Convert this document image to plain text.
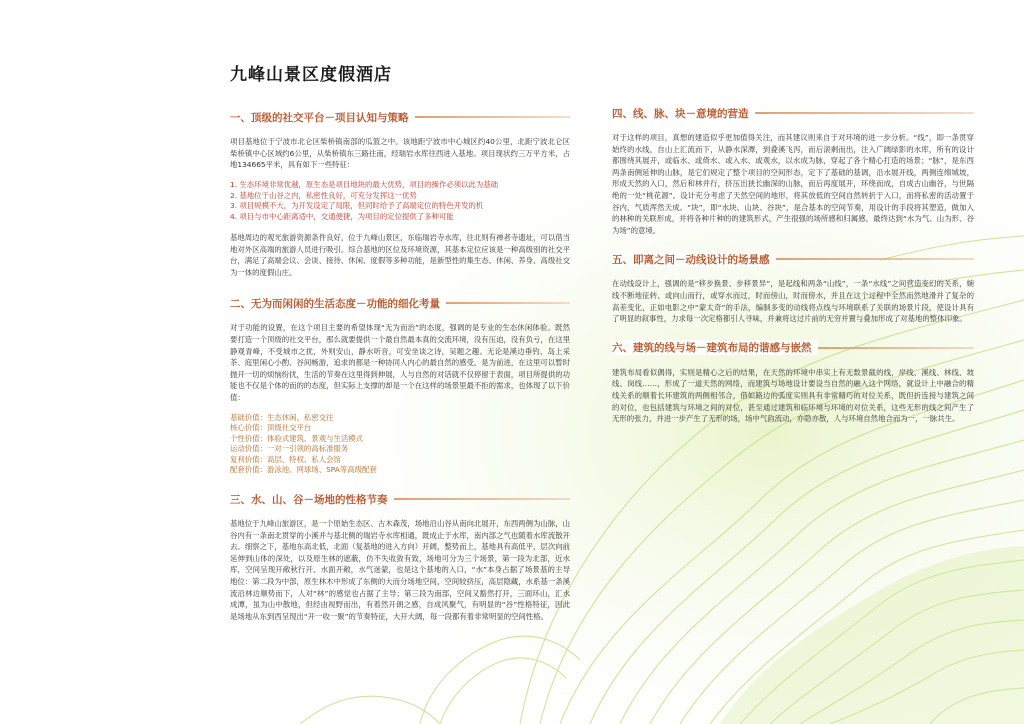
九峰山景区度假酒店
一、顶级的社交平台－项目认知与策略

项目基地位于宁波市北仑区柴桥镇南部的瓜篮之中。该地距宁波市中心城区约40公里，北距宁波北仑区柴桥镇中心区域约6公里，从柴桥镇东三路往南，经瑞岩水库往西进入基地。项目现状约三万平方米，占地134665平米，具有如下一些特征：

1. 生态环境非常优越，原生态是项目地块的最大优势，项目的操作必须以此为基础
2. 基地位于山谷之内，私密性良好，可充分发挥这一优势
3. 项目规模不大，为开发设定了局限，但同时给予了高端定位的特色开发的机
4. 项目与市中心距离适中，交通便捷，为项目的定位提供了多种可能

基地周边的观光旅游资源条件良好，位于九峰山景区，东临瑞岩寺水库，往北则有禅者寺遗址，可以借当地对外区高端的旅游人员进行吸引。综合基地的区位及环境资源，其基本定位应该是一种高级别的社交平台，满足了高端会议、会谈、接待、休闲、度假等多种功能，是新型性的集生态、休闲、养身、高级社交为一体的度假山庄。

二、无为而闲闲的生活态度－功能的细化考量

对于功能的设置，在这个项目主要的希望体现“无为而治”的态度，强调的是专业的生态休闲体验。既然要打造一个顶级的社交平台，那么就要提供一个最自然最本真的交流环境，没有压迫，没有负亏，在这里静观青峰，不受城市之扰，外则安山，静水听音，可安坐谈之诗，吴题之趣。无论是溪边垂钓、岛上采茶、庭里闲心小酌、谷间畅游，追求的都是一种协同人内心的最自然的感受，是为前进，在这里可以暂时抛开一切的烦恼纷扰，生活的节奏在这里得到伸展，人与自然的对话就不仅停留于表面，项目所提供的功能也不仅是个体的而的的态度，但实际上支撑的却是一个在这样的场景里最不拒的需求，也体现了以下价值：

基础价值：生态休闲、私密交往
核心价值：顶级社交平台
个性价值：体验式建筑、景观与生活模式
运动价值：一对一引领的高标准服务
复利价值：高层、特权、私人会馆
配套价值：游泳池、网球场、SPA等高级配套
三、水、山、谷－场地的性格节奏

基地位于九峰山旅游区，是一个原始生态区、古木森茂，场地沿山谷从南向北展开，东西两侧为山脉，山谷内有一条南北贯穿的小溪并与基北侧的瑞岩寺水库相通，既成止于水库，南内部之气也随着水库流散开去。细察之下，基地东高北低，北面（复基地的进入方向）开阔，整势而上，基地具有高低平，层次向前延伸到山体的深处，以及原生林的遮蔽，仿不失收敛有致，场地可分为三个场景，第一段为北部，近水库，空间呈现开敞秋行开、水面开敞，水气迷蒙，也是这个基地的入口，“水”本身占据了场景基的主导地位：第二段为中部，原生林木中形成了东侧的大而分场地空间，空间较挤压，高层隐藏，水系基一条溪流沿林边顺势而下，人对“林”的感觉也占据了主导；第三段为南部，空间又豁然打开，三面环山，汇水成潭，虽为山中散地，但经由视野而出，有着然开朗之感，自成风聚气，有明显的“谷”性格特征，因此是场地从东到西呈现出“开一收一聚”的节奏特征，大开大阔，每一段都有着非常明显的空间性格。

四、线、脉、块－意境的营造

对于这样的项目，真想的建造似乎更加值得关注，而其建议则来自于对环境的进一步分析。“线”，即一条贯穿始终的水线，自山上汇流而下，从静水深潭，到叠溪飞泻，而后滚剩而出，注入广阔绿影的水库，所有的设计都围绕其展开，或临水、或倚水、或入水、或观水，以水成为脉，穿起了各个精心打造的场景；“脉”，是东西两条南侧延伸的山脉，是它们规定了整个项目的空间形态，定下了基础的基调，沿水展开线，两侧连绵城坡，形成天然的入口，然后和林并行，挤压出狭长幽深的山脉，而后再度展开，环绕而成，自成古山幽谷，与世隔绝的一处“桃花源”。设计充分考虑了天然空间的地形，将其放低的空间自然转折于入口，而将私密的活动置于谷内，气质浑然天成。“块”，即“水块、山块、谷块”，是合基本的空间节奏，用设计的手段将其塑造，做加入的林种的关联形成，并将各种片种的的建筑形式，产生很强的场所感和归属感，最终达到“水为气、山为形、谷为场”的意境。

五、即离之间－动线设计的场景感

在动线设计上，强调的是“移步换景、步移景异”，是起线和两条“山线”，一条“水线”之间营造变幻的关系，婉线不断地征转、或向山而行，或穿水而过，时而傍山，时而傍水，并且在这个过程中全然而然地滑并了复杂的高差变化，正如电影之中“蒙太奇”的手法，编制多变的动线将点线与环境联系了关联的场景片段，使设计具有了明显的叙事性，力求每一次定格都引人寻味，并兼将这过片前的无穷并置与叠加形成了对基地的整体印象。

六、建筑的线与场－建筑布局的谐感与嵌然

建筑布局看似偶得，实则是精心之后的结果，在天然的环境中串实上有无数景截的线，岸线、溪线、林线、坡线、岗线……，形成了一道天然的网络，而建筑与场地设计要设当自然的融入这个网络，就设计上中融合的精线关系的顺着长环建筑的两侧相邻合，借如路边的弧度实则具有非常精巧的对位关系，既但折连接与建筑之间的对位，也包括建筑与环境之间的对位，甚至通过建筑和临环境与环境的对位关系，这些无形的线之间产生了无形的张力，并进一步产生了无形的场，场中气韵流动，亦隐亦散，人与环境自然地合而为一，一脉共生。
